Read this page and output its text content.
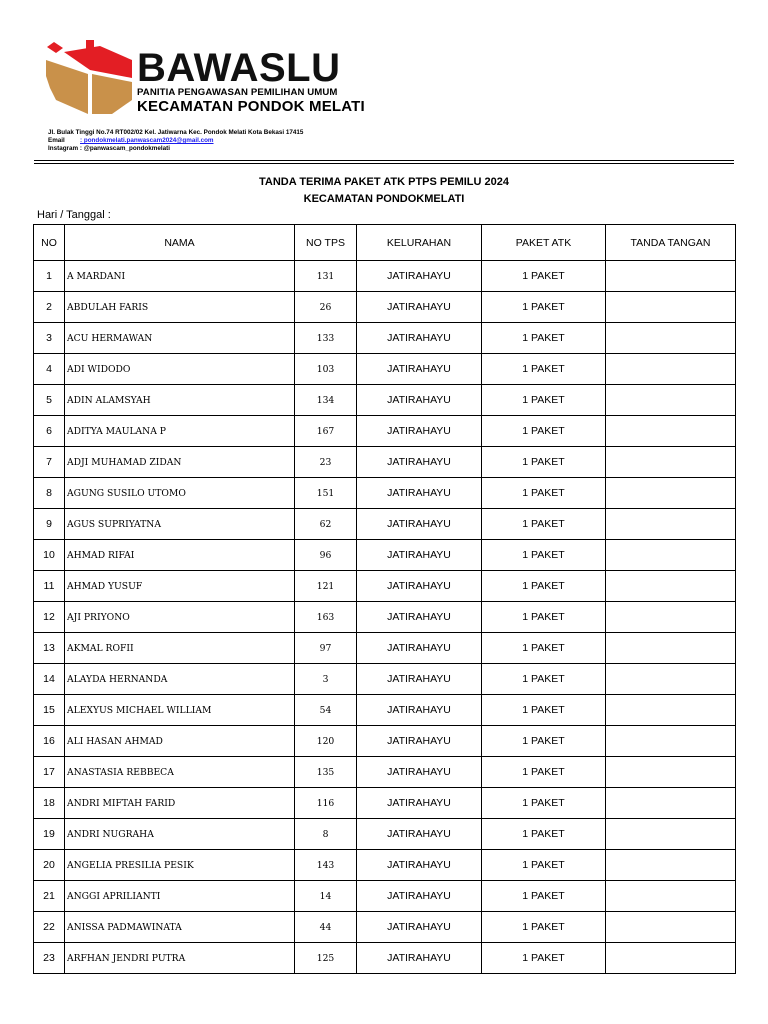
BAWASLU
PANITIA PENGAWASAN PEMILIHAN UMUM
KECAMATAN PONDOK MELATI
Jl. Bulak Tinggi No.74 RT002/02 Kel. Jatiwarna Kec. Pondok Melati Kota Bekasi 17415
Email : pondokmelati.panwascam2024@gmail.com
Instagram : @panwascam_pondokmelati
TANDA TERIMA PAKET ATK PTPS PEMILU 2024
KECAMATAN PONDOKMELATI
Hari / Tanggal :
NO	NAMA	NO TPS	KELURAHAN	PAKET ATK	TANDA TANGAN
1	A MARDANI	131	JATIRAHAYU	1 PAKET	
2	ABDULAH FARIS	26	JATIRAHAYU	1 PAKET	
3	ACU HERMAWAN	133	JATIRAHAYU	1 PAKET	
4	ADI WIDODO	103	JATIRAHAYU	1 PAKET	
5	ADIN ALAMSYAH	134	JATIRAHAYU	1 PAKET	
6	ADITYA MAULANA P	167	JATIRAHAYU	1 PAKET	
7	ADJI MUHAMAD ZIDAN	23	JATIRAHAYU	1 PAKET	
8	AGUNG SUSILO UTOMO	151	JATIRAHAYU	1 PAKET	
9	AGUS SUPRIYATNA	62	JATIRAHAYU	1 PAKET	
10	AHMAD RIFAI	96	JATIRAHAYU	1 PAKET	
11	AHMAD YUSUF	121	JATIRAHAYU	1 PAKET	
12	AJI PRIYONO	163	JATIRAHAYU	1 PAKET	
13	AKMAL ROFII	97	JATIRAHAYU	1 PAKET	
14	ALAYDA HERNANDA	3	JATIRAHAYU	1 PAKET	
15	ALEXYUS MICHAEL WILLIAM	54	JATIRAHAYU	1 PAKET	
16	ALI HASAN AHMAD	120	JATIRAHAYU	1 PAKET	
17	ANASTASIA REBBECA	135	JATIRAHAYU	1 PAKET	
18	ANDRI MIFTAH FARID	116	JATIRAHAYU	1 PAKET	
19	ANDRI NUGRAHA	8	JATIRAHAYU	1 PAKET	
20	ANGELIA PRESILIA PESIK	143	JATIRAHAYU	1 PAKET	
21	ANGGI APRILIANTI	14	JATIRAHAYU	1 PAKET	
22	ANISSA PADMAWINATA	44	JATIRAHAYU	1 PAKET	
23	ARFHAN JENDRI PUTRA	125	JATIRAHAYU	1 PAKET	
